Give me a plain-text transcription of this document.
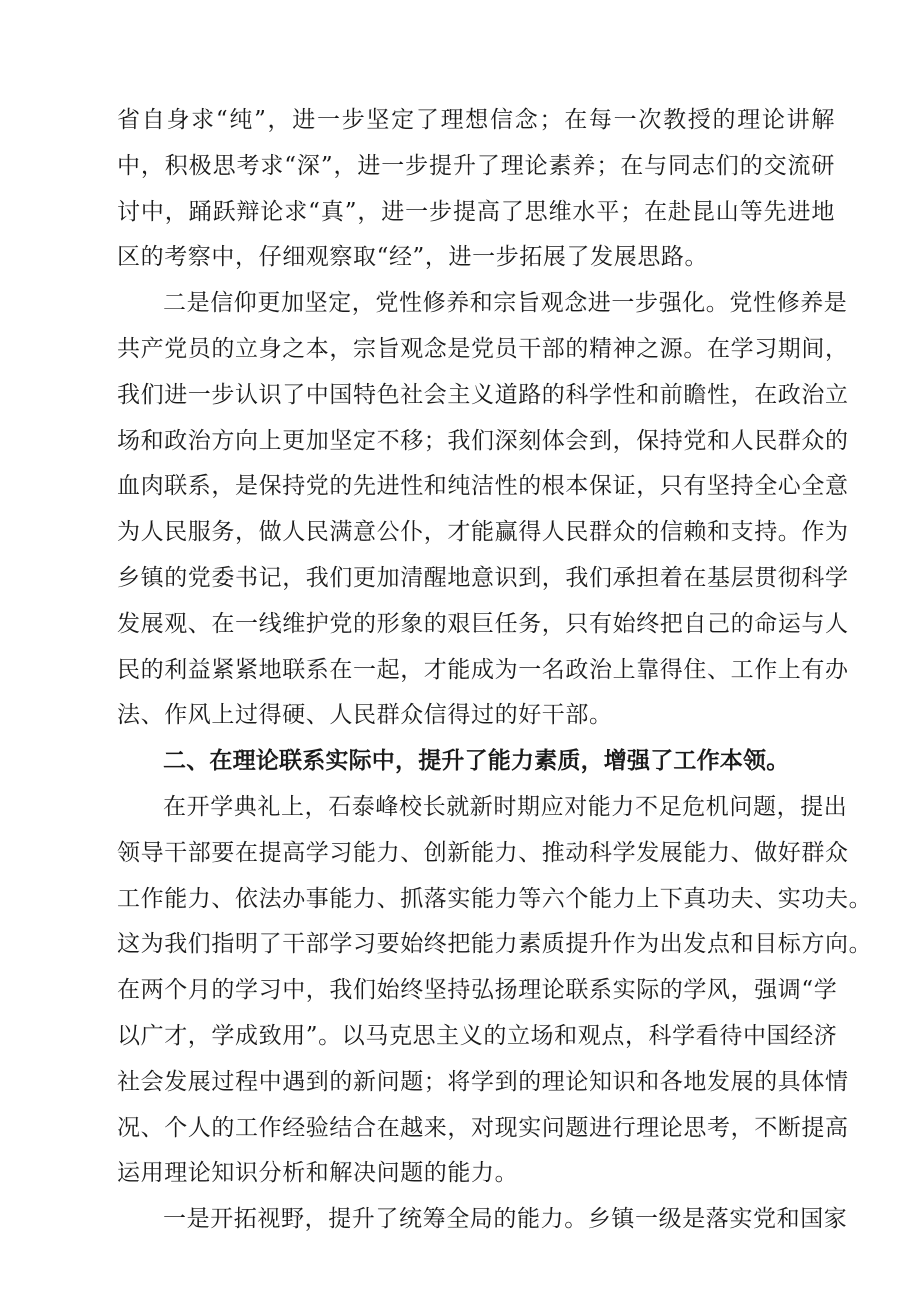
省自身求“纯”，进一步坚定了理想信念；在每一次教授的理论讲解
中，积极思考求“深”，进一步提升了理论素养；在与同志们的交流研
讨中，踊跃辩论求“真”，进一步提高了思维水平；在赴昆山等先进地
区的考察中，仔细观察取“经”，进一步拓展了发展思路。
二是信仰更加坚定，党性修养和宗旨观念进一步强化。党性修养是
共产党员的立身之本，宗旨观念是党员干部的精神之源。在学习期间，
我们进一步认识了中国特色社会主义道路的科学性和前瞻性，在政治立
场和政治方向上更加坚定不移；我们深刻体会到，保持党和人民群众的
血肉联系，是保持党的先进性和纯洁性的根本保证，只有坚持全心全意
为人民服务，做人民满意公仆，才能赢得人民群众的信赖和支持。作为
乡镇的党委书记，我们更加清醒地意识到，我们承担着在基层贯彻科学
发展观、在一线维护党的形象的艰巨任务，只有始终把自己的命运与人
民的利益紧紧地联系在一起，才能成为一名政治上靠得住、工作上有办
法、作风上过得硬、人民群众信得过的好干部。
二、在理论联系实际中，提升了能力素质，增强了工作本领。
在开学典礼上，石泰峰校长就新时期应对能力不足危机问题，提出
领导干部要在提高学习能力、创新能力、推动科学发展能力、做好群众
工作能力、依法办事能力、抓落实能力等六个能力上下真功夫、实功夫。
这为我们指明了干部学习要始终把能力素质提升作为出发点和目标方向。
在两个月的学习中，我们始终坚持弘扬理论联系实际的学风，强调“学
以广才，学成致用”。以马克思主义的立场和观点，科学看待中国经济
社会发展过程中遇到的新问题；将学到的理论知识和各地发展的具体情
况、个人的工作经验结合在越来，对现实问题进行理论思考，不断提高
运用理论知识分析和解决问题的能力。
一是开拓视野，提升了统筹全局的能力。乡镇一级是落实党和国家
